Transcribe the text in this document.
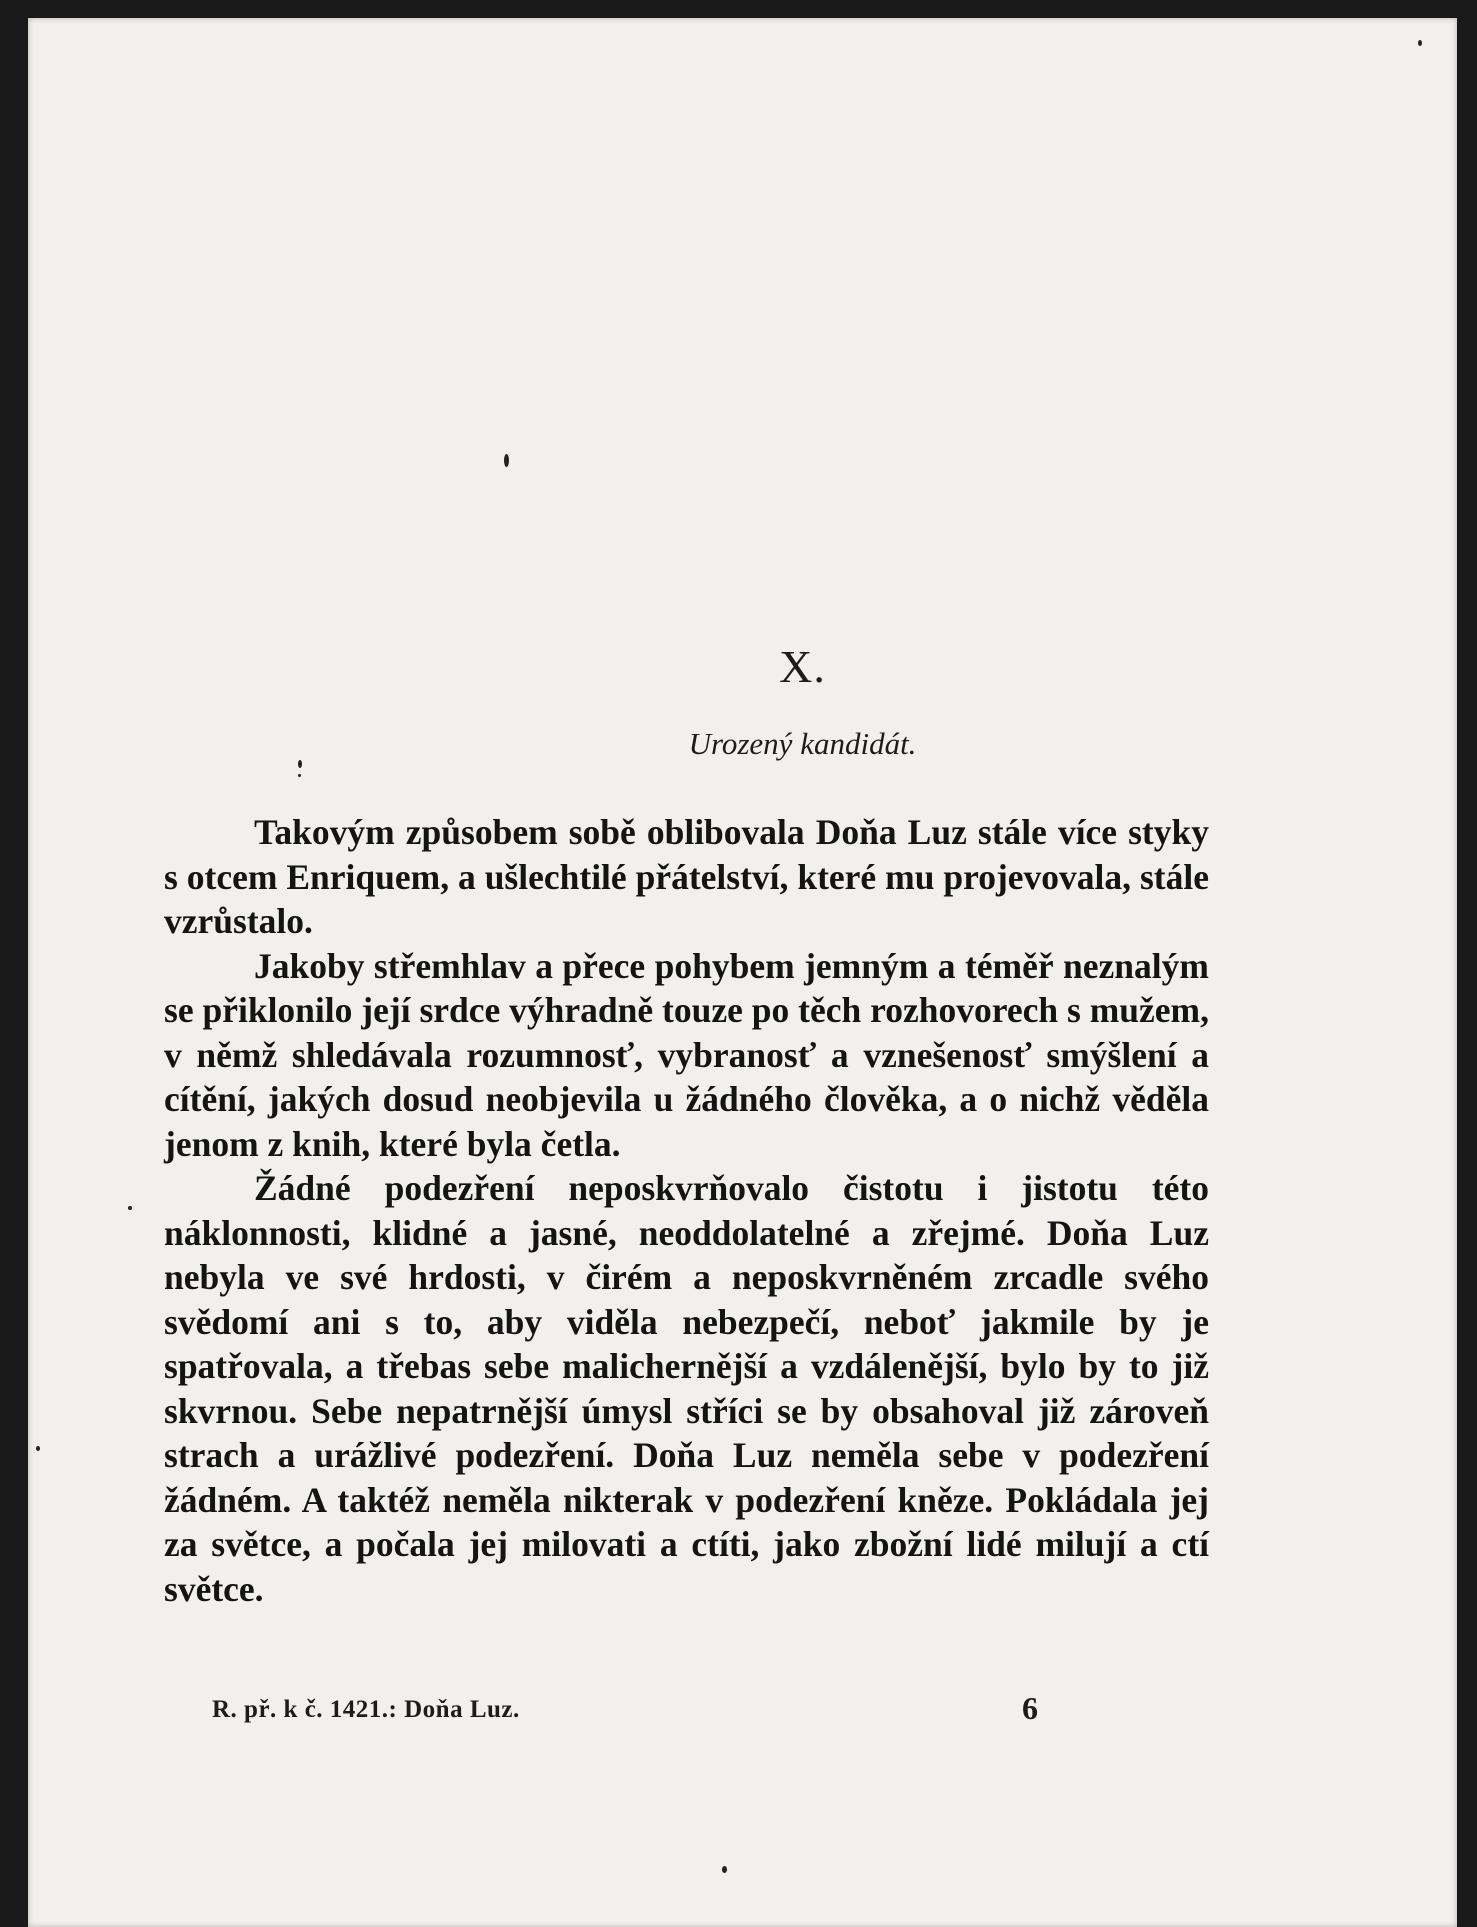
X.
Urozený kandidát.

Takovým způsobem sobě oblibovala Doňa Luz stále více styky s otcem Enriquem, a ušlechtilé přátelství, které mu projevovala, stále vzrůstalo.

Jakoby střemhlav a přece pohybem jemným a téměř neznalým se přiklonilo její srdce výhradně touze po těch rozhovorech s mužem, v němž shledávala rozumnosť, vybranosť a vznešenosť smýšlení a cítění, jakých dosud neobjevila u žádného člověka, a o nichž věděla jenom z knih, které byla četla.

Žádné podezření neposkvrňovalo čistotu i jistotu této náklonnosti, klidné a jasné, neoddolatelné a zřejmé. Doňa Luz nebyla ve své hrdosti, v čirém a neposkvrněném zrcadle svého svědomí ani s to, aby viděla nebezpečí, neboť jakmile by je spatřovala, a třebas sebe malichernější a vzdálenější, bylo by to již skvrnou. Sebe nepatrnější úmysl stříci se by obsahoval již zároveň strach a urážlivé podezření. Doňa Luz neměla sebe v podezření žádném. A taktéž neměla nikterak v podezření kněze. Pokládala jej za světce, a počala jej milovati a ctíti, jako zbožní lidé milují a ctí světce.

R. př. k č. 1421.: Doňa Luz.	6
